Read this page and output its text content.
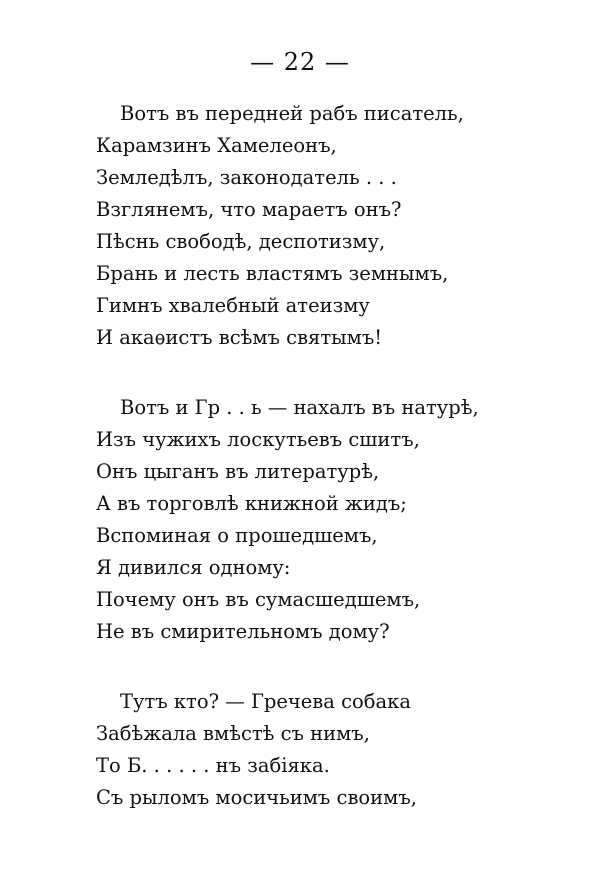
— 22 —
Вотъ въ передней рабъ писатель,
Карамзинъ Хамелеонъ,
Земледѣлъ, законодатель . . .
Взглянемъ, что мараетъ онъ?
Пѣснь свободѣ, деспотизму,
Брань и лесть властямъ земнымъ,
Гимнъ хвалебный атеизму
И акаѳистъ всѣмъ святымъ!
Вотъ и Гр . . ь — нахалъ въ натурѣ,
Изъ чужихъ лоскутьевъ сшитъ,
Онъ цыганъ въ литературѣ,
А въ торговлѣ книжной жидъ;
Вспоминая о прошедшемъ,
Я дивился одному:
Почему онъ въ сумасшедшемъ,
Не въ смирительномъ дому?
Тутъ кто? — Гречева собака
Забѣжала вмѣстѣ съ нимъ,
То Б. . . . . . нъ забіяка.
Съ рыломъ мосичьимъ своимъ,
